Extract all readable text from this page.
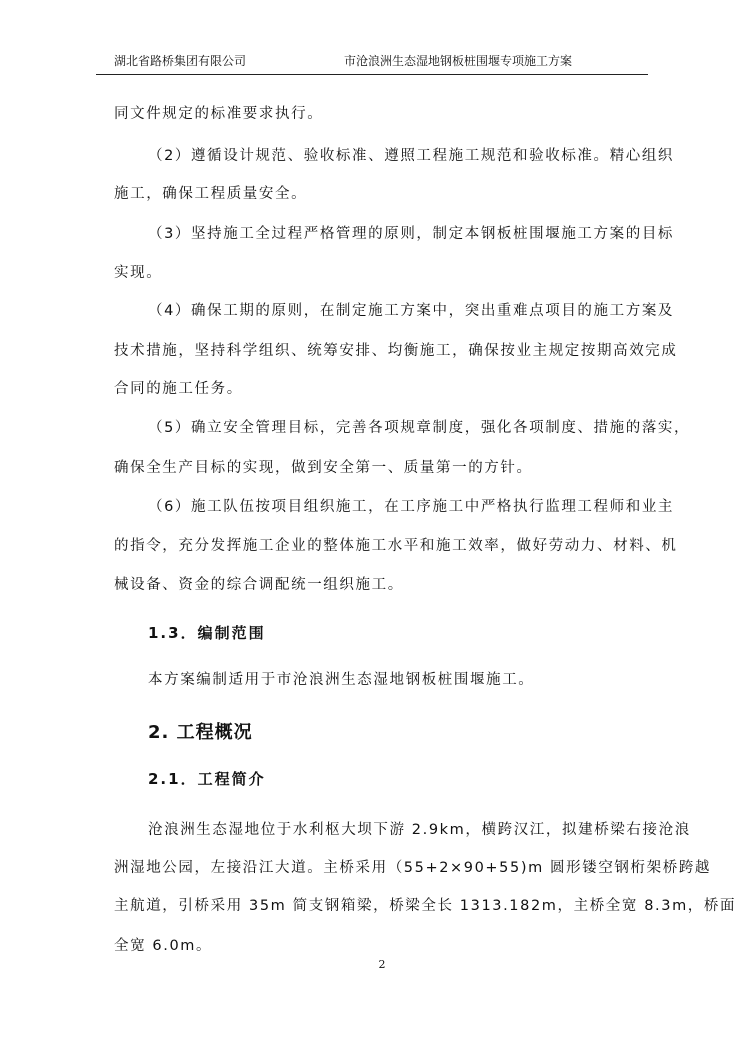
湖北省路桥集团有限公司	市沧浪洲生态湿地钢板桩围堰专项施工方案
同文件规定的标准要求执行。
（2）遵循设计规范、验收标准、遵照工程施工规范和验收标准。精心组织
施工，确保工程质量安全。
（3）坚持施工全过程严格管理的原则，制定本钢板桩围堰施工方案的目标
实现。
（4）确保工期的原则，在制定施工方案中，突出重难点项目的施工方案及
技术措施，坚持科学组织、统筹安排、均衡施工，确保按业主规定按期高效完成
合同的施工任务。
（5）确立安全管理目标，完善各项规章制度，强化各项制度、措施的落实，
确保全生产目标的实现，做到安全第一、质量第一的方针。
（6）施工队伍按项目组织施工，在工序施工中严格执行监理工程师和业主
的指令，充分发挥施工企业的整体施工水平和施工效率，做好劳动力、材料、机
械设备、资金的综合调配统一组织施工。
1.3．编制范围
本方案编制适用于市沧浪洲生态湿地钢板桩围堰施工。
2. 工程概况
2.1．工程简介
沧浪洲生态湿地位于水利枢大坝下游 2.9km，横跨汉江，拟建桥梁右接沧浪
洲湿地公园，左接沿江大道。主桥采用（55+2×90+55)m 圆形镂空钢桁架桥跨越
主航道，引桥采用 35m 简支钢箱梁，桥梁全长 1313.182m，主桥全宽 8.3m，桥面
全宽 6.0m。
2
